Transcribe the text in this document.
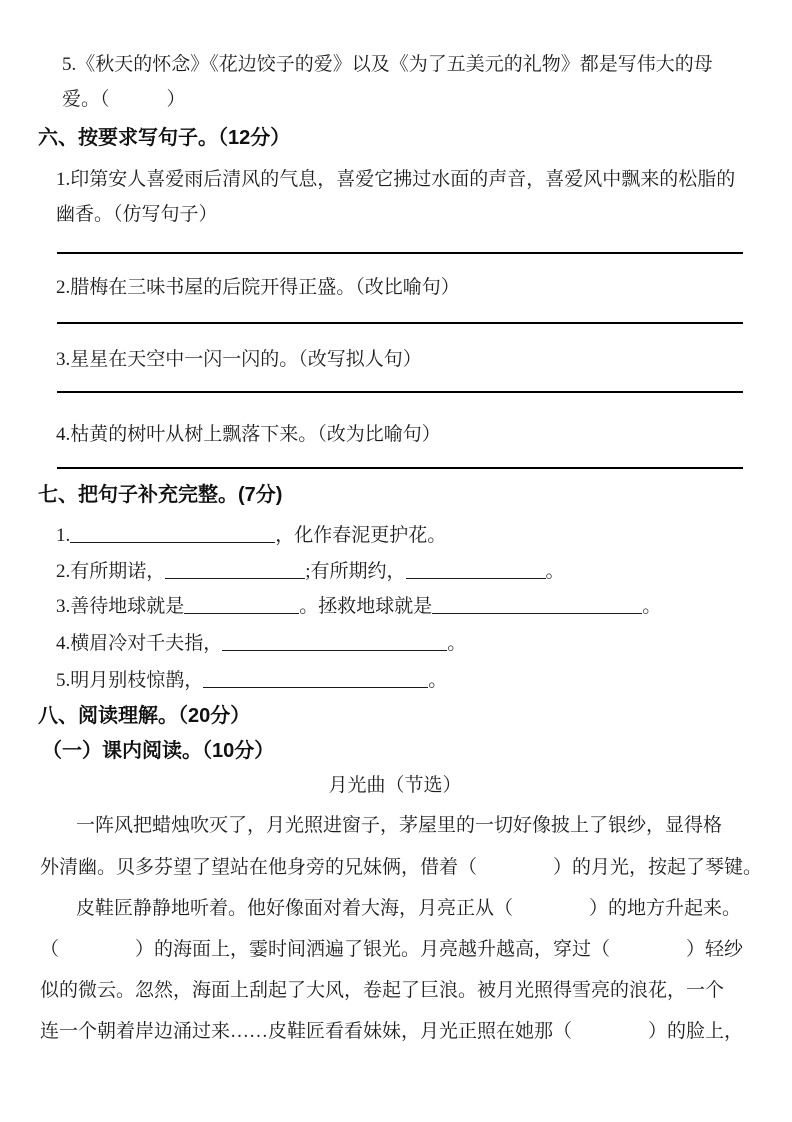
5.《秋天的怀念》《花边饺子的爱》以及《为了五美元的礼物》都是写伟大的母
爱。（　　　）
六、按要求写句子。（12分）
1.印第安人喜爱雨后清风的气息，喜爱它拂过水面的声音，喜爱风中飘来的松脂的
幽香。（仿写句子）
2.腊梅在三味书屋的后院开得正盛。（改比喻句）
3.星星在天空中一闪一闪的。（改写拟人句）
4.枯黄的树叶从树上飘落下来。（改为比喻句）
七、把句子补充完整。(7分)
1.	，化作春泥更护花。
2.有所期诺，	;有所期约，	。
3.善待地球就是	。拯救地球就是	。
4.横眉冷对千夫指，	。
5.明月别枝惊鹊，	。
八、阅读理解。（20分）
（一）课内阅读。（10分）
月光曲（节选）
一阵风把蜡烛吹灭了，月光照进窗子，茅屋里的一切好像披上了银纱，显得格
外清幽。贝多芬望了望站在他身旁的兄妹俩，借着（　　　　）的月光，按起了琴键。
皮鞋匠静静地听着。他好像面对着大海，月亮正从（　　　　）的地方升起来。
（　　　　）的海面上，霎时间洒遍了银光。月亮越升越高，穿过（　　　　）轻纱
似的微云。忽然，海面上刮起了大风，卷起了巨浪。被月光照得雪亮的浪花，一个
连一个朝着岸边涌过来……皮鞋匠看看妹妹，月光正照在她那（　　　　）的脸上，
